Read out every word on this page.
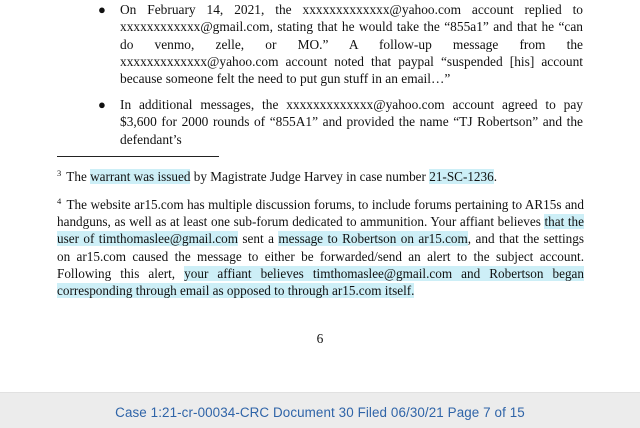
● On February 14, 2021, the xxxxxxxxxxxxx@yahoo.com account replied to xxxxxxxxxxxx@gmail.com, stating that he would take the “855a1” and that he “can do venmo, zelle, or MO.” A follow-up message from the xxxxxxxxxxxxx@yahoo.com account noted that paypal “suspended [his] account because someone felt the need to put gun stuff in an email…”
● In additional messages, the xxxxxxxxxxxxx@yahoo.com account agreed to pay $3,600 for 2000 rounds of “855A1” and provided the name “TJ Robertson” and the defendant’s
$^3$ The warrant was issued by Magistrate Judge Harvey in case number 21-SC-1236.
$^4$ The website ar15.com has multiple discussion forums, to include forums pertaining to AR15s and handguns, as well as at least one sub-forum dedicated to ammunition. Your affiant believes that the user of timthomaslee@gmail.com sent a message to Robertson on ar15.com, and that the settings on ar15.com caused the message to either be forwarded/send an alert to the subject account. Following this alert, your affiant believes timthomaslee@gmail.com and Robertson began corresponding through email as opposed to through ar15.com itself.
6
Case 1:21-cr-00034-CRC Document 30 Filed 06/30/21 Page 7 of 15
